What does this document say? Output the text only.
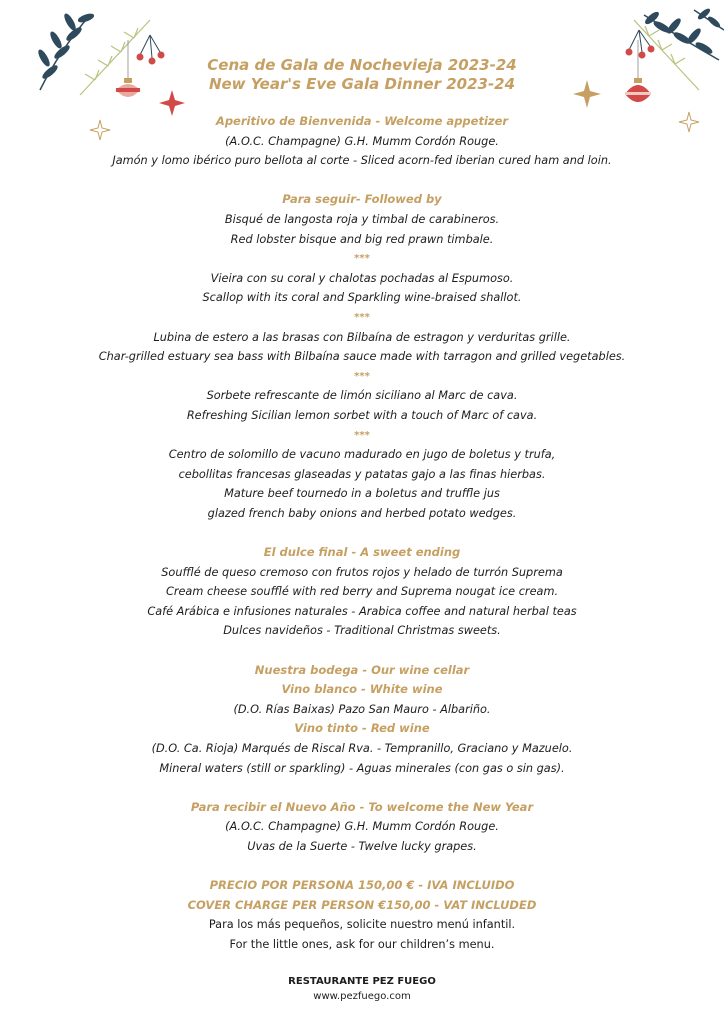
Cena de Gala de Nochevieja 2023-24
New Year's Eve Gala Dinner 2023-24
Aperitivo de Bienvenida - Welcome appetizer
(A.O.C. Champagne) G.H. Mumm Cordón Rouge.
Jamón y lomo ibérico puro bellota al corte - Sliced acorn-fed iberian cured ham and loin.
Para seguir- Followed by
Bisqué de langosta roja y timbal de carabineros.
Red lobster bisque and big red prawn timbale.
***
Vieira con su coral y chalotas pochadas al Espumoso.
Scallop with its coral and Sparkling wine-braised shallot.
***
Lubina de estero a las brasas con Bilbaína de estragon y verduritas grille.
Char-grilled estuary sea bass with Bilbaína sauce made with tarragon and grilled vegetables.
***
Sorbete refrescante de limón siciliano al Marc de cava.
Refreshing Sicilian lemon sorbet with a touch of Marc of cava.
***
Centro de solomillo de vacuno madurado en jugo de boletus y trufa,
cebollitas francesas glaseadas y patatas gajo a las finas hierbas.
Mature beef tournedo in a boletus and truffle jus
glazed french baby onions and herbed potato wedges.
El dulce final - A sweet ending
Soufflé de queso cremoso con frutos rojos y helado de turrón Suprema
Cream cheese soufflé with red berry and Suprema nougat ice cream.
Café Arábica e infusiones naturales - Arabica coffee and natural herbal teas
Dulces navideños - Traditional Christmas sweets.
Nuestra bodega - Our wine cellar
Vino blanco - White wine
(D.O. Rías Baixas) Pazo San Mauro - Albariño.
Vino tinto - Red wine
(D.O. Ca. Rioja) Marqués de Riscal Rva. - Tempranillo, Graciano y Mazuelo.
Mineral waters (still or sparkling) - Aguas minerales (con gas o sin gas).
Para recibir el Nuevo Año - To welcome the New Year
(A.O.C. Champagne) G.H. Mumm Cordón Rouge.
Uvas de la Suerte - Twelve lucky grapes.
PRECIO POR PERSONA 150,00 € - IVA INCLUIDO
COVER CHARGE PER PERSON €150,00 - VAT INCLUDED
Para los más pequeños, solicite nuestro menú infantil.
For the little ones, ask for our children’s menu.
RESTAURANTE PEZ FUEGO
www.pezfuego.com
